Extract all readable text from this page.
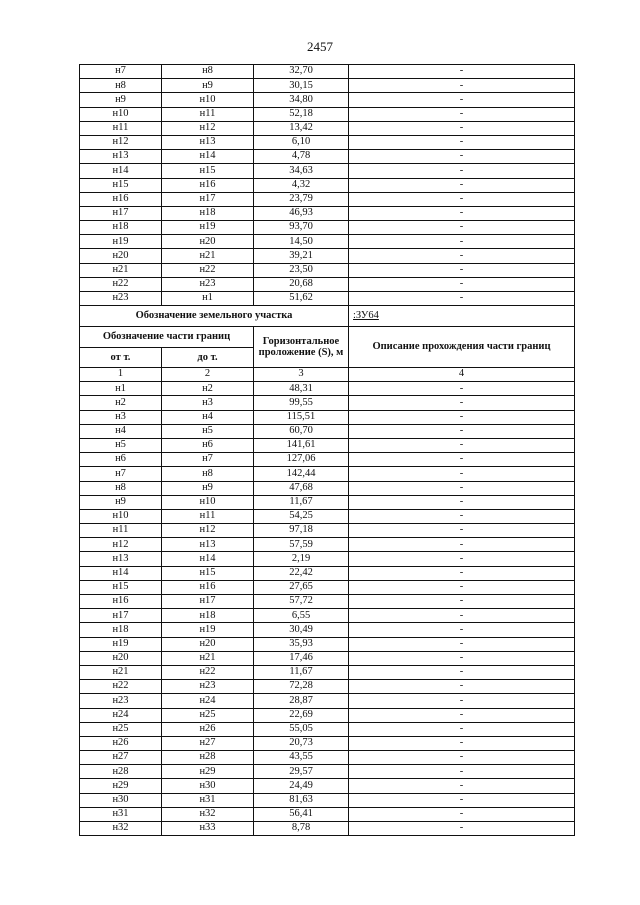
2457
н7	н8	32,70	-
н8	н9	30,15	-
н9	н10	34,80	-
н10	н11	52,18	-
н11	н12	13,42	-
н12	н13	6,10	-
н13	н14	4,78	-
н14	н15	34,63	-
н15	н16	4,32	-
н16	н17	23,79	-
н17	н18	46,93	-
н18	н19	93,70	-
н19	н20	14,50	-
н20	н21	39,21	-
н21	н22	23,50	-
н22	н23	20,68	-
н23	н1	51,62	-
Обозначение земельного участка			:ЗУ64
Обозначение части границ		Горизонтальное проложение (S), м	Описание прохождения части границ
от т.	до т.		
1	2	3	4
н1	н2	48,31	-
н2	н3	99,55	-
н3	н4	115,51	-
н4	н5	60,70	-
н5	н6	141,61	-
н6	н7	127,06	-
н7	н8	142,44	-
н8	н9	47,68	-
н9	н10	11,67	-
н10	н11	54,25	-
н11	н12	97,18	-
н12	н13	57,59	-
н13	н14	2,19	-
н14	н15	22,42	-
н15	н16	27,65	-
н16	н17	57,72	-
н17	н18	6,55	-
н18	н19	30,49	-
н19	н20	35,93	-
н20	н21	17,46	-
н21	н22	11,67	-
н22	н23	72,28	-
н23	н24	28,87	-
н24	н25	22,69	-
н25	н26	55,05	-
н26	н27	20,73	-
н27	н28	43,55	-
н28	н29	29,57	-
н29	н30	24,49	-
н30	н31	81,63	-
н31	н32	56,41	-
н32	н33	8,78	-
